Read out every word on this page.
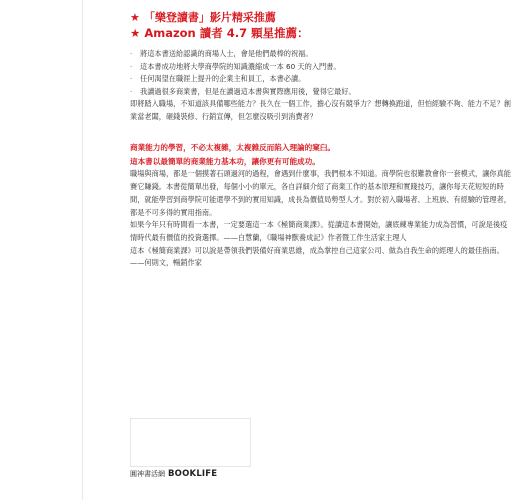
★ 「樂登讀書」影片精采推薦
★ Amazon 讀者 4.7 顆星推薦：
· 將這本書送給認識的商場人士，會是他們最棒的祝福。
· 這本書成功地將大學商學院的知識濃縮成一本 60 天的入門書。
· 任何渴望在職涯上提升的企業主和員工，本書必讀。
· 我讀過很多商業書，但是在讀過這本書與實際應用後，覺得它最好。

即將踏入職場，不知道該具備哪些能力？長久在一個工作，擔心沒有競爭力？想轉換跑道，但怕經驗不夠、能力不足？創業當老闆，砸錢裝修、行銷宣傳，但怎麼沒吸引到消費者？

商業能力的學習，不必太複雜，太複雜反而陷入理論的窠臼。
這本書以最簡單的商業能力基本功，讓你更有可能成功。

職場與商場，都是一個摸著石頭過河的過程，會遇到什麼事，我們根本不知道。商學院也很難教會你一套模式，讓你真能賽它賺錢。本書從簡單出發，每個小小的單元，各自詳細介紹了商業工作的基本原理和實踐技巧，讓你每天花短短的時間，就能學習到商學院可能還學不到的實用知識，成長為價值局勢型人才。對於初入職場者、上班族、有經驗的管理者，都是不可多得的實用指南。

如果今年只有時間看一本書，一定要選這一本《極簡商業課》。從讀這本書開始，讓底練專業能力成為習慣，可說是後疫情時代最有價值的投資選擇。——白慧蘭，《職場神獸養成記》作者暨工作生活家主理人

這本《極簡商業課》可以說是帶領我們裝備好商業思維，成為掌控自己這家公司、做為自我生命的經理人的最佳指南。——何則文，暢銷作家

圓神書活網 BOOKLIFE
